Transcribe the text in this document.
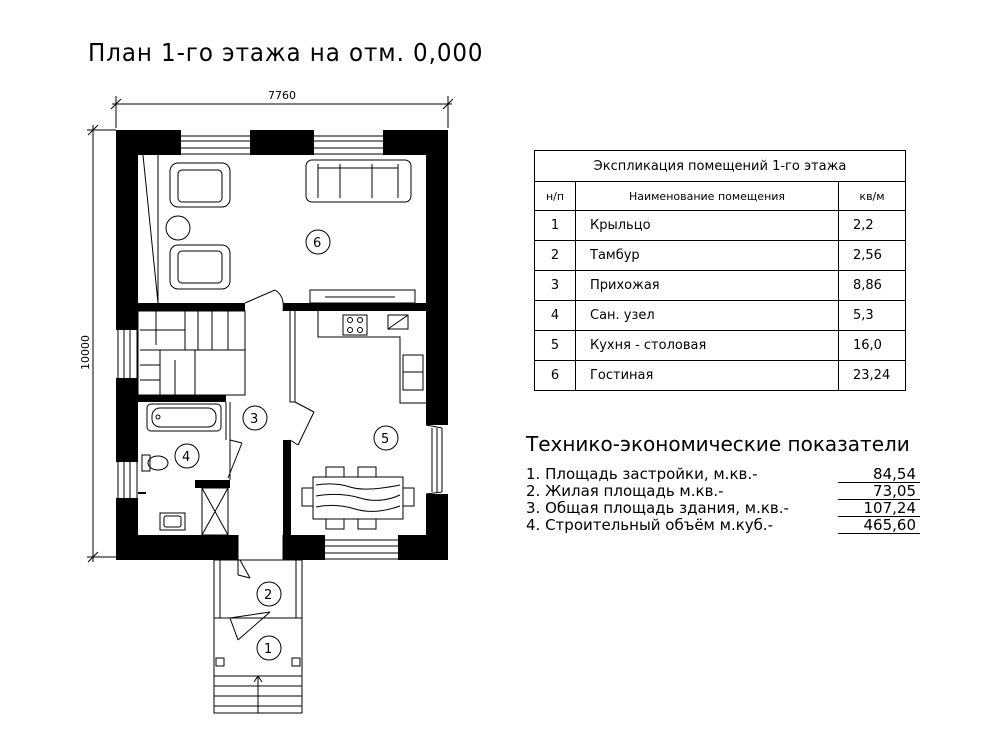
План 1-го этажа на отм. 0,000
7760
10000
6
3
5
4
2
1
Экспликация помещений 1-го этажа		
н/п	Наименование помещения	кв/м
1	Крыльцо	2,2
2	Тамбур	2,56
3	Прихожая	8,86
4	Сан. узел	5,3
5	Кухня - столовая	16,0
6	Гостиная	23,24
Технико-экономические показатели
1. Площадь застройки, м.кв.-	84,54
2. Жилая площадь м.кв.-	73,05
3. Общая площадь здания, м.кв.-	107,24
4. Строительный объём м.куб.-	465,60
